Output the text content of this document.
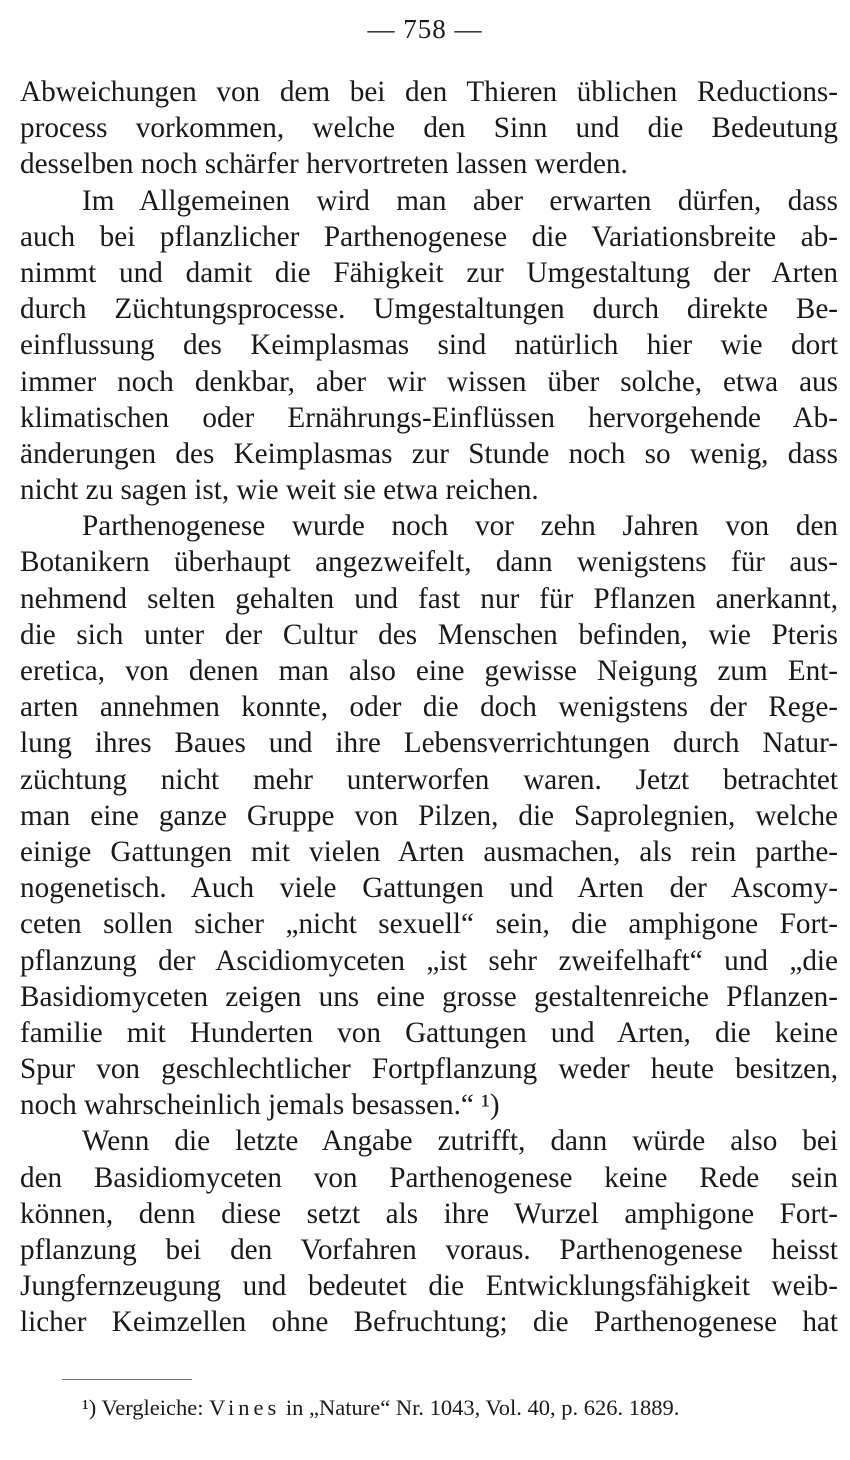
— 758 —
Abweichungen von dem bei den Thieren üblichen Reductions-
process vorkommen, welche den Sinn und die Bedeutung
desselben noch schärfer hervortreten lassen werden.
Im Allgemeinen wird man aber erwarten dürfen, dass
auch bei pflanzlicher Parthenogenese die Variationsbreite ab-
nimmt und damit die Fähigkeit zur Umgestaltung der Arten
durch Züchtungsprocesse. Umgestaltungen durch direkte Be-
einflussung des Keimplasmas sind natürlich hier wie dort
immer noch denkbar, aber wir wissen über solche, etwa aus
klimatischen oder Ernährungs-Einflüssen hervorgehende Ab-
änderungen des Keimplasmas zur Stunde noch so wenig, dass
nicht zu sagen ist, wie weit sie etwa reichen.
Parthenogenese wurde noch vor zehn Jahren von den
Botanikern überhaupt angezweifelt, dann wenigstens für aus-
nehmend selten gehalten und fast nur für Pflanzen anerkannt,
die sich unter der Cultur des Menschen befinden, wie Pteris
eretica, von denen man also eine gewisse Neigung zum Ent-
arten annehmen konnte, oder die doch wenigstens der Rege-
lung ihres Baues und ihre Lebensverrichtungen durch Natur-
züchtung nicht mehr unterworfen waren. Jetzt betrachtet
man eine ganze Gruppe von Pilzen, die Saprolegnien, welche
einige Gattungen mit vielen Arten ausmachen, als rein parthe-
nogenetisch. Auch viele Gattungen und Arten der Ascomy-
ceten sollen sicher „nicht sexuell“ sein, die amphigone Fort-
pflanzung der Ascidiomyceten „ist sehr zweifelhaft“ und „die
Basidiomyceten zeigen uns eine grosse gestaltenreiche Pflanzen-
familie mit Hunderten von Gattungen und Arten, die keine
Spur von geschlechtlicher Fortpflanzung weder heute besitzen,
noch wahrscheinlich jemals besassen.“ ¹)
Wenn die letzte Angabe zutrifft, dann würde also bei
den Basidiomyceten von Parthenogenese keine Rede sein
können, denn diese setzt als ihre Wurzel amphigone Fort-
pflanzung bei den Vorfahren voraus. Parthenogenese heisst
Jungfernzeugung und bedeutet die Entwicklungsfähigkeit weib-
licher Keimzellen ohne Befruchtung; die Parthenogenese hat
¹) Vergleiche: Vines in „Nature“ Nr. 1043, Vol. 40, p. 626. 1889.
